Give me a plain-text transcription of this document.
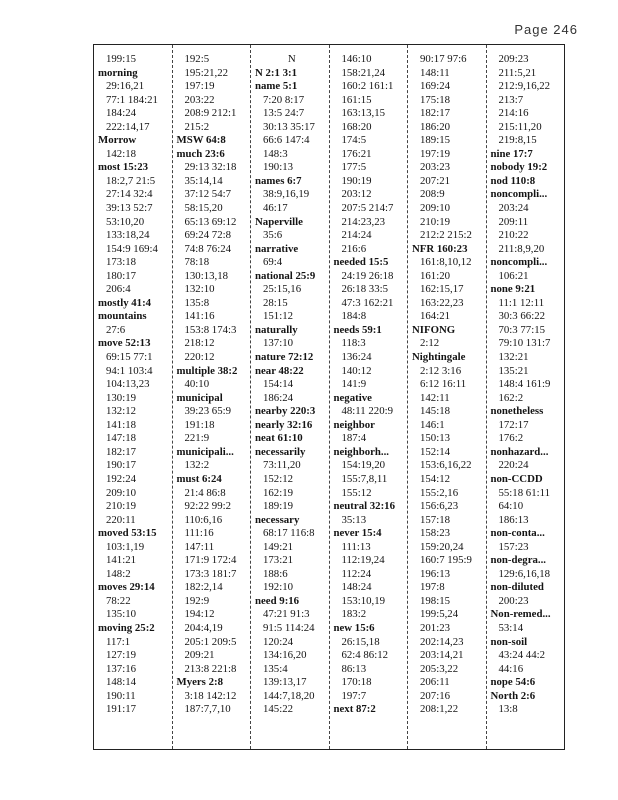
Page 246
199:15
morning
29:16,21
77:1 184:21
184:24
222:14,17
Morrow
142:18
most 15:23
18:2,7 21:5
27:14 32:4
39:13 52:7
53:10,20
133:18,24
154:9 169:4
173:18
180:17
206:4
mostly 41:4
mountains
27:6
move 52:13
69:15 77:1
94:1 103:4
104:13,23
130:19
132:12
141:18
147:18
182:17
190:17
192:24
209:10
210:19
220:11
moved 53:15
103:1,19
141:21
148:2
moves 29:14
78:22
135:10
moving 25:2
117:1
127:19
137:16
148:14
190:11
191:17
192:5
195:21,22
197:19
203:22
208:9 212:1
215:2
MSW 64:8
much 23:6
29:13 32:18
35:14,14
37:12 54:7
58:15,20
65:13 69:12
69:24 72:8
74:8 76:24
78:18
130:13,18
132:10
135:8
141:16
153:8 174:3
218:12
220:12
multiple 38:2
40:10
municipal
39:23 65:9
191:18
221:9
municipali...
132:2
must 6:24
21:4 86:8
92:22 99:2
110:6,16
111:16
147:11
171:9 172:4
173:3 181:7
182:2,14
192:9
194:12
204:4,19
205:1 209:5
209:21
213:8 221:8
Myers 2:8
3:18 142:12
187:7,7,10
N
N 2:1 3:1
name 5:1
7:20 8:17
13:5 24:7
30:13 35:17
66:6 147:4
148:3
190:13
names 6:7
38:9,16,19
46:17
Naperville
35:6
narrative
69:4
national 25:9
25:15,16
28:15
151:12
naturally
137:10
nature 72:12
near 48:22
154:14
186:24
nearby 220:3
nearly 32:16
neat 61:10
necessarily
73:11,20
152:12
162:19
189:19
necessary
68:17 116:8
149:21
173:21
188:6
192:10
need 9:16
47:21 91:3
91:5 114:24
120:24
134:16,20
135:4
139:13,17
144:7,18,20
145:22
146:10
158:21,24
160:2 161:1
161:15
163:13,15
168:20
174:5
176:21
177:5
190:19
203:12
207:5 214:7
214:23,23
214:24
216:6
needed 15:5
24:19 26:18
26:18 33:5
47:3 162:21
184:8
needs 59:1
118:3
136:24
140:12
141:9
negative
48:11 220:9
neighbor
187:4
neighborh...
154:19,20
155:7,8,11
155:12
neutral 32:16
35:13
never 15:4
111:13
112:19,24
112:24
148:24
153:10,19
183:2
new 15:6
26:15,18
62:4 86:12
86:13
170:18
197:7
next 87:2
90:17 97:6
148:11
169:24
175:18
182:17
186:20
189:15
197:19
203:23
207:21
208:9
209:10
210:19
212:2 215:2
NFR 160:23
161:8,10,12
161:20
162:15,17
163:22,23
164:21
NIFONG
2:12
Nightingale
2:12 3:16
6:12 16:11
142:11
145:18
146:1
150:13
152:14
153:6,16,22
154:12
155:2,16
156:6,23
157:18
158:23
159:20,24
160:7 195:9
196:13
197:8
198:15
199:5,24
201:23
202:14,23
203:14,21
205:3,22
206:11
207:16
208:1,22
209:23
211:5,21
212:9,16,22
213:7
214:16
215:11,20
219:8,15
nine 17:7
nobody 19:2
nod 110:8
noncompli...
203:24
209:11
210:22
211:8,9,20
noncompli...
106:21
none 9:21
11:1 12:11
30:3 66:22
70:3 77:15
79:10 131:7
132:21
135:21
148:4 161:9
162:2
nonetheless
172:17
176:2
nonhazard...
220:24
non-CCDD
55:18 61:11
64:10
186:13
non-conta...
157:23
non-degra...
129:6,16,18
non-diluted
200:23
Non-remed...
53:14
non-soil
43:24 44:2
44:16
nope 54:6
North 2:6
13:8
